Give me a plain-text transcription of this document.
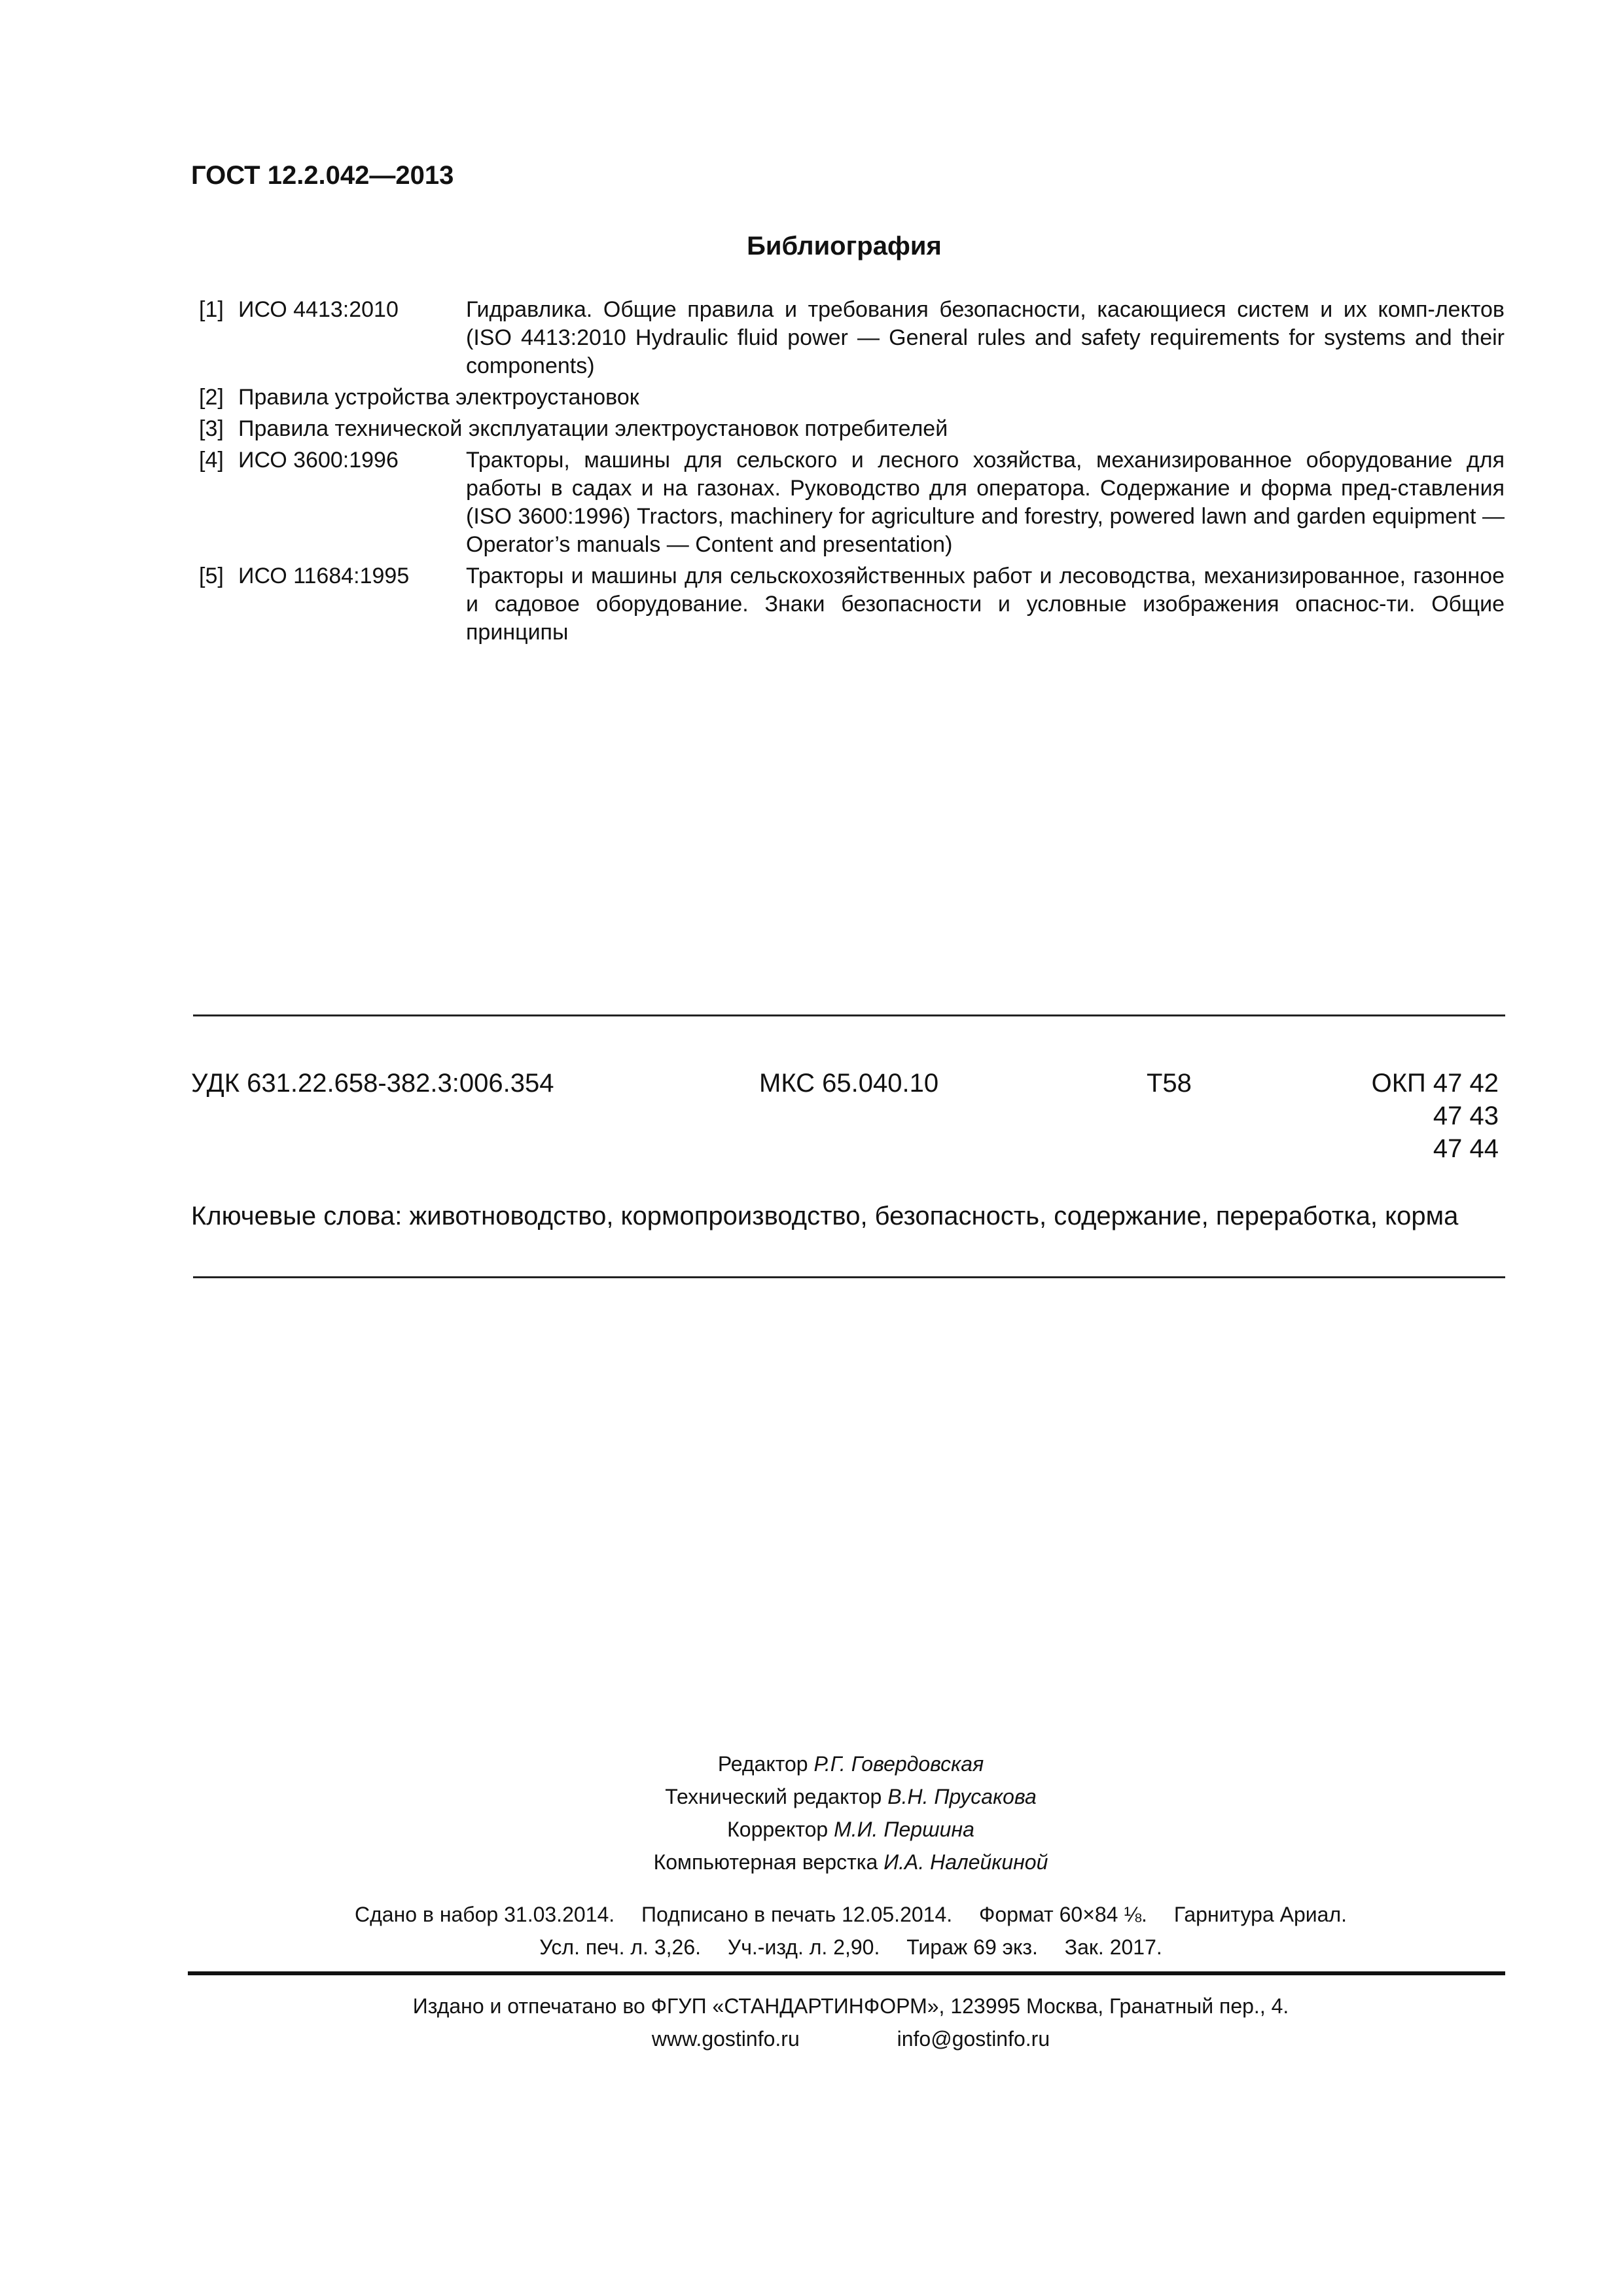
ГОСТ 12.2.042—2013
Библиография
[1] ИСО 4413:2010	Гидравлика. Общие правила и требования безопасности, касающиеся систем и их комп-лектов (ISO 4413:2010 Hydraulic fluid power — General rules and safety requirements for systems and their components)
[2] Правила устройства электроустановок
[3] Правила технической эксплуатации электроустановок потребителей
[4] ИСО 3600:1996	Тракторы, машины для сельского и лесного хозяйства, механизированное оборудование для работы в садах и на газонах. Руководство для оператора. Содержание и форма пред-ставления (ISO 3600:1996) Tractors, machinery for agriculture and forestry, powered lawn and garden equipment — Operator’s manuals — Content and presentation)
[5] ИСО 11684:1995	Тракторы и машины для сельскохозяйственных работ и лесоводства, механизированное, газонное и садовое оборудование. Знаки безопасности и условные изображения опаснос-ти. Общие принципы
УДК 631.22.658-382.3:006.354	МКС 65.040.10	Т58	ОКП 47 42
47 43
47 44
Ключевые слова: животноводство, кормопроизводство, безопасность, содержание, переработка, корма
Редактор Р.Г. Говердовская
Технический редактор В.Н. Прусакова
Корректор М.И. Першина
Компьютерная верстка И.А. Налейкиной
Сдано в набор 31.03.2014. Подписано в печать 12.05.2014. Формат 60×84 ⅛. Гарнитура Ариал.
Усл. печ. л. 3,26. Уч.-изд. л. 2,90. Тираж 69 экз. Зак. 2017.
Издано и отпечатано во ФГУП «СТАНДАРТИНФОРМ», 123995 Москва, Гранатный пер., 4.
www.gostinfo.ru	info@gostinfo.ru
